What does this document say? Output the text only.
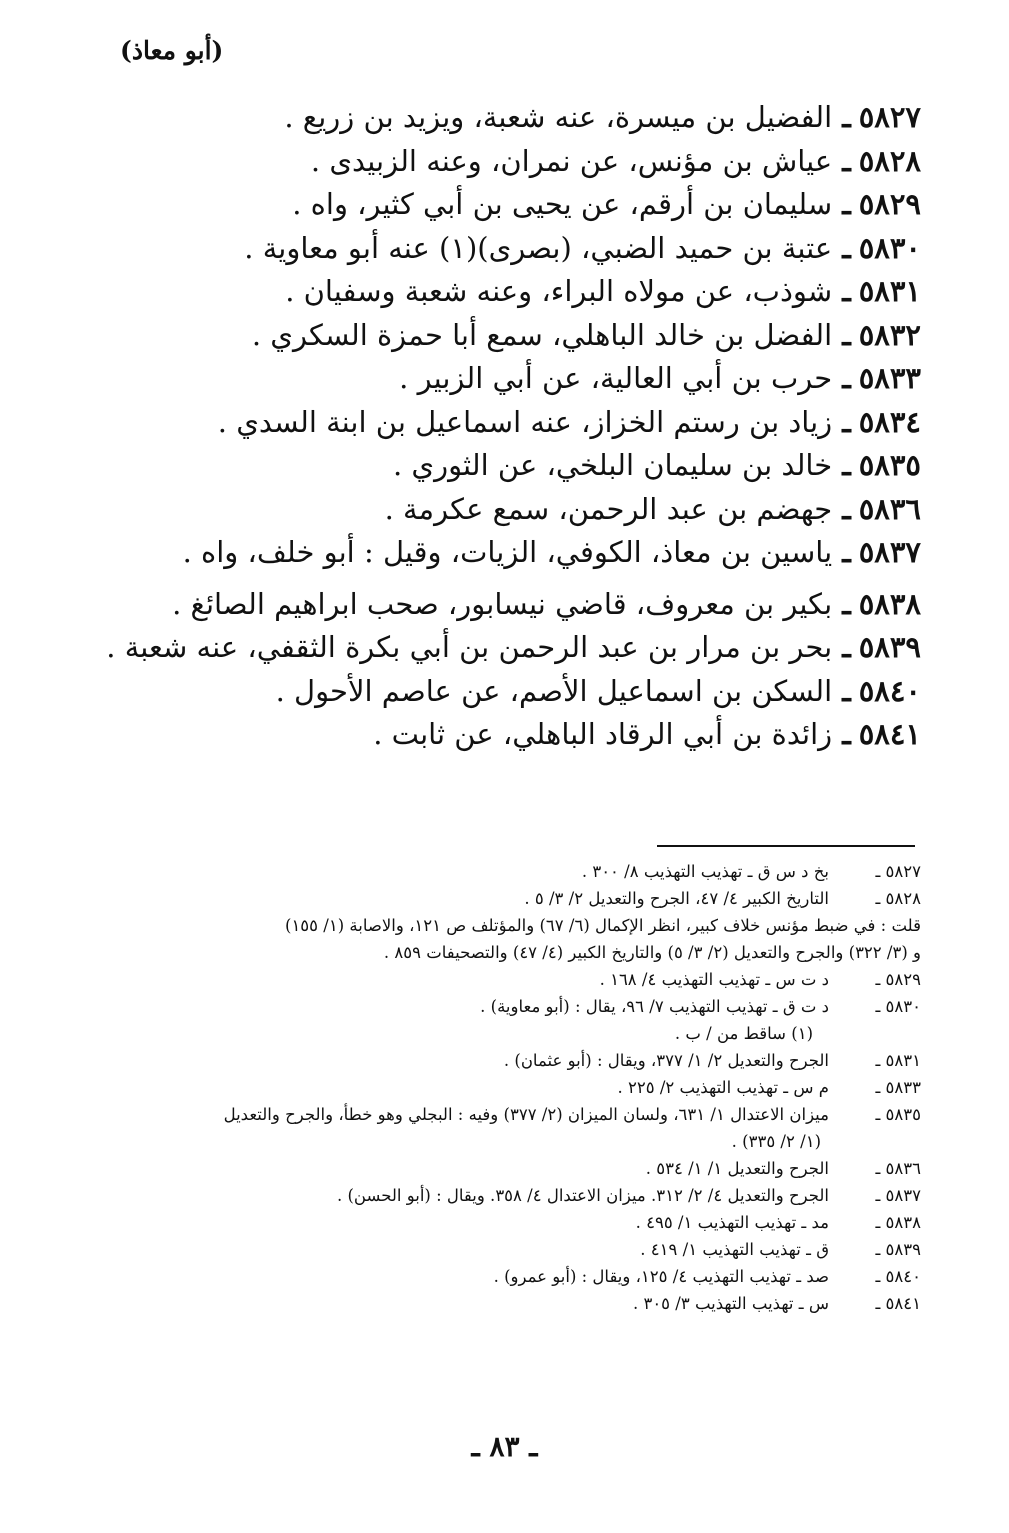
(أبو معاذ)
٥٨٢٧
ـ
الفضيل بن ميسرة، عنه شعبة، ويزيد بن زريع .
٥٨٢٨
ـ
عياش بن مؤنس، عن نمران، وعنه الزبيدى .
٥٨٢٩
ـ
سليمان بن أرقم، عن يحيى بن أبي كثير، واه .
٥٨٣٠
ـ
عتبة بن حميد الضبي، (بصرى)(١) عنه أبو معاوية .
٥٨٣١
ـ
شوذب، عن مولاه البراء، وعنه شعبة وسفيان .
٥٨٣٢
ـ
الفضل بن خالد الباهلي، سمع أبا حمزة السكري .
٥٨٣٣
ـ
حرب بن أبي العالية، عن أبي الزبير .
٥٨٣٤
ـ
زياد بن رستم الخزاز، عنه اسماعيل بن ابنة السدي .
٥٨٣٥
ـ
خالد بن سليمان البلخي، عن الثوري .
٥٨٣٦
ـ
جهضم بن عبد الرحمن، سمع عكرمة .
٥٨٣٧
ـ
ياسين بن معاذ، الكوفي، الزيات، وقيل : أبو خلف، واه .
٥٨٣٨
ـ
بكير بن معروف، قاضي نيسابور، صحب ابراهيم الصائغ .
٥٨٣٩
ـ
بحر بن مرار بن عبد الرحمن بن أبي بكرة الثقفي، عنه شعبة .
٥٨٤٠
ـ
السكن بن اسماعيل الأصم، عن عاصم الأحول .
٥٨٤١
ـ
زائدة بن أبي الرقاد الباهلي، عن ثابت .
٥٨٢٧ ـ
بخ د س ق ـ تهذيب التهذيب ٨/ ٣٠٠ .
٥٨٢٨ ـ
التاريخ الكبير ٤/ ٤٧، الجرح والتعديل ٢/ ٣/ ٥ .
قلت : في ضبط مؤنس خلاف كبير، انظر الإكمال (٦/ ٦٧) والمؤتلف ص ١٢١، والاصابة (١/ ١٥٥)
و (٣/ ٣٢٢) والجرح والتعديل (٢/ ٣/ ٥) والتاريخ الكبير (٤/ ٤٧) والتصحيفات ٨٥٩ .
٥٨٢٩ ـ
د ت س ـ تهذيب التهذيب ٤/ ١٦٨ .
٥٨٣٠ ـ
د ت ق ـ تهذيب التهذيب ٧/ ٩٦، يقال : (أبو معاوية) .
(١) ساقط من / ب .
٥٨٣١ ـ
الجرح والتعديل ٢/ ١/ ٣٧٧، ويقال : (أبو عثمان) .
٥٨٣٣ ـ
م س ـ تهذيب التهذيب ٢/ ٢٢٥ .
٥٨٣٥ ـ
ميزان الاعتدال ١/ ٦٣١، ولسان الميزان (٢/ ٣٧٧) وفيه : البجلي وهو خطأ، والجرح والتعديل
(١/ ٢/ ٣٣٥) .
٥٨٣٦ ـ
الجرح والتعديل ١/ ١/ ٥٣٤ .
٥٨٣٧ ـ
الجرح والتعديل ٤/ ٢/ ٣١٢. ميزان الاعتدال ٤/ ٣٥٨. ويقال : (أبو الحسن) .
٥٨٣٨ ـ
مد ـ تهذيب التهذيب ١/ ٤٩٥ .
٥٨٣٩ ـ
ق ـ تهذيب التهذيب ١/ ٤١٩ .
٥٨٤٠ ـ
صد ـ تهذيب التهذيب ٤/ ١٢٥، ويقال : (أبو عمرو) .
٥٨٤١ ـ
س ـ تهذيب التهذيب ٣/ ٣٠٥ .
ـ ٨٣ ـ
